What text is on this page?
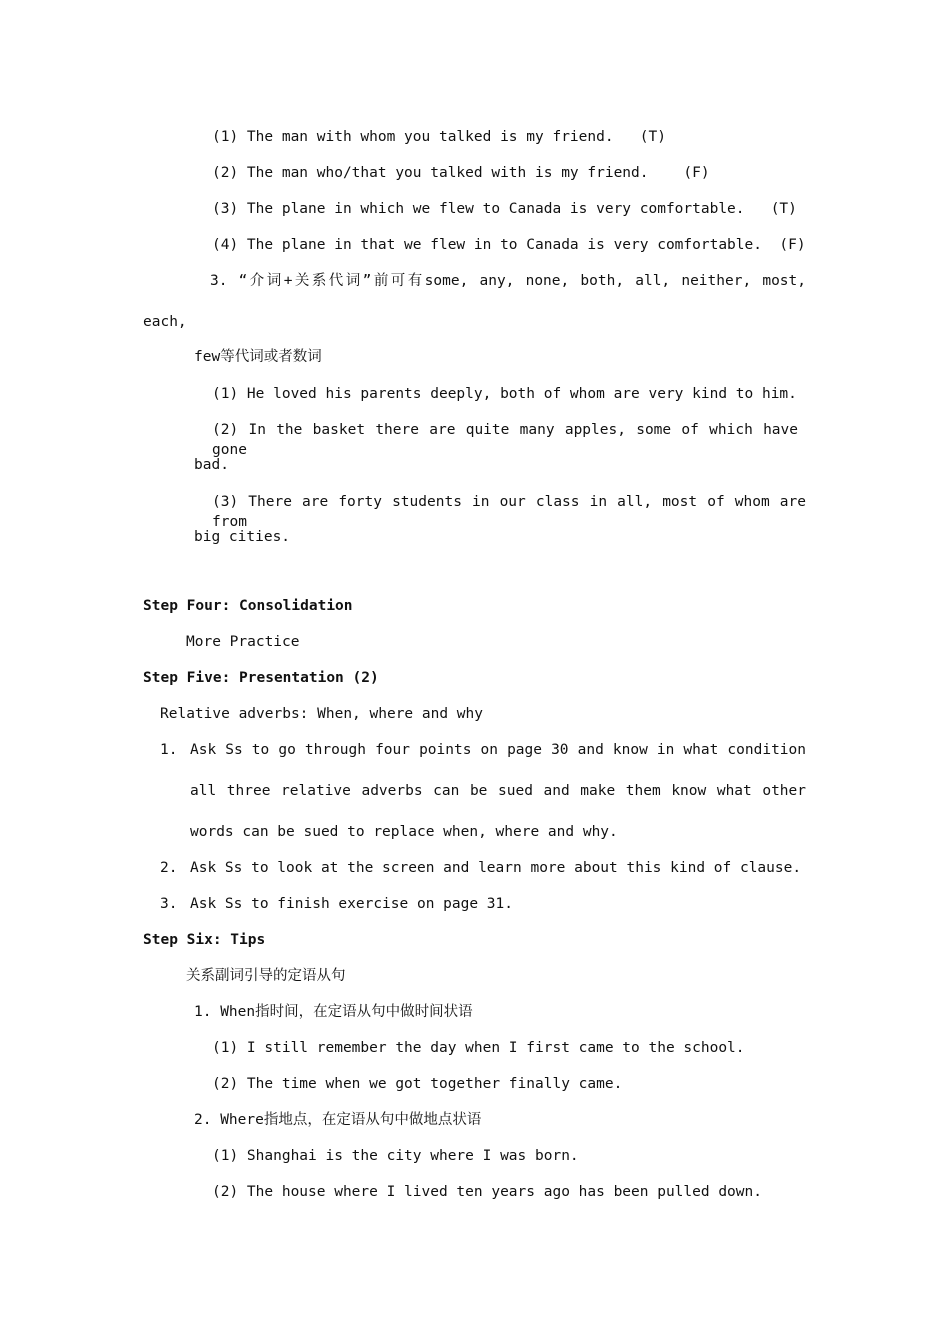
(1) The man with whom you talked is my friend.   (T)
(2) The man who/that you talked with is my friend.    (F)
(3) The plane in which we flew to Canada is very comfortable.   (T)
(4) The plane in that we flew in to Canada is very comfortable.  (F)
3. “介词+关系代词”前可有some, any, none, both, all, neither, most,
each,
few等代词或者数词
(1) He loved his parents deeply, both of whom are very kind to him.
(2) In the basket there are quite many apples, some of which have gone
bad.
(3) There are forty students in our class in all, most of whom are from
big cities.
Step Four: Consolidation
More Practice
Step Five: Presentation (2)
Relative adverbs: When, where and why
1. Ask Ss to go through four points on page 30 and know in what condition
all three relative adverbs can be sued and make them know what other
words can be sued to replace when, where and why.
2. Ask Ss to look at the screen and learn more about this kind of clause.
3. Ask Ss to finish exercise on page 31.
Step Six: Tips
关系副词引导的定语从句
1. When指时间，在定语从句中做时间状语
(1) I still remember the day when I first came to the school.
(2) The time when we got together finally came.
2. Where指地点，在定语从句中做地点状语
(1) Shanghai is the city where I was born.
(2) The house where I lived ten years ago has been pulled down.
